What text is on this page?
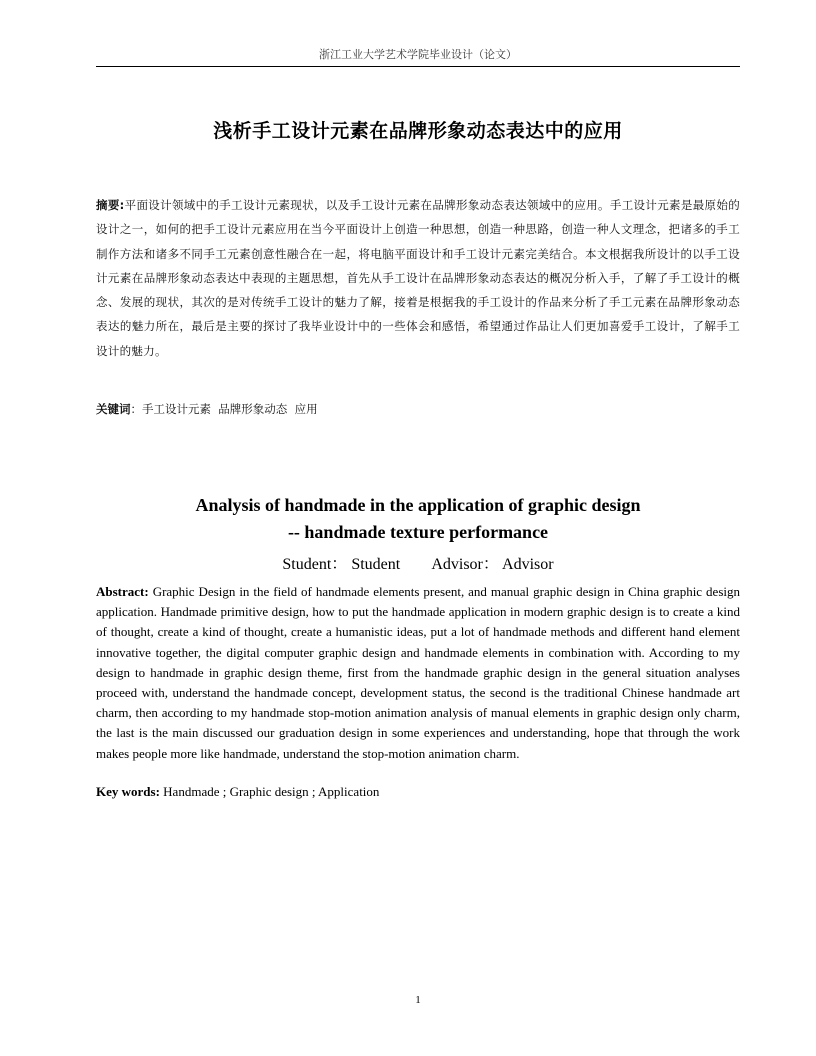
浙江工业大学艺术学院毕业设计（论文）
浅析手工设计元素在品牌形象动态表达中的应用
摘要:平面设计领域中的手工设计元素现状，以及手工设计元素在品牌形象动态表达领域中的应用。手工设计元素是最原始的设计之一，如何的把手工设计元素应用在当今平面设计上创造一种思想，创造一种思路，创造一种人文理念，把诸多的手工制作方法和诸多不同手工元素创意性融合在一起，将电脑平面设计和手工设计元素完美结合。本文根据我所设计的以手工设计元素在品牌形象动态表达中表现的主题思想，首先从手工设计在品牌形象动态表达的概况分析入手，了解了手工设计的概念、发展的现状，其次的是对传统手工设计的魅力了解，接着是根据我的手工设计的作品来分析了手工元素在品牌形象动态表达的魅力所在，最后是主要的探讨了我毕业设计中的一些体会和感悟，希望通过作品让人们更加喜爱手工设计，了解手工设计的魅力。
关键词：手工设计元素  品牌形象动态  应用
Analysis of handmade in the application of graphic design
-- handmade texture performance
Student： Student Advisor： Advisor
Abstract: Graphic Design in the field of handmade elements present, and manual graphic design in China graphic design application. Handmade primitive design, how to put the handmade application in modern graphic design is to create a kind of thought, create a kind of thought, create a humanistic ideas, put a lot of handmade methods and different hand element innovative together, the digital computer graphic design and handmade elements in combination with. According to my design to handmade in graphic design theme, first from the handmade graphic design in the general situation analyses proceed with, understand the handmade concept, development status, the second is the traditional Chinese handmade art charm, then according to my handmade stop-motion animation analysis of manual elements in graphic design only charm, the last is the main discussed our graduation design in some experiences and understanding, hope that through the work makes people more like handmade, understand the stop-motion animation charm.
Key words: Handmade ; Graphic design ; Application
1
